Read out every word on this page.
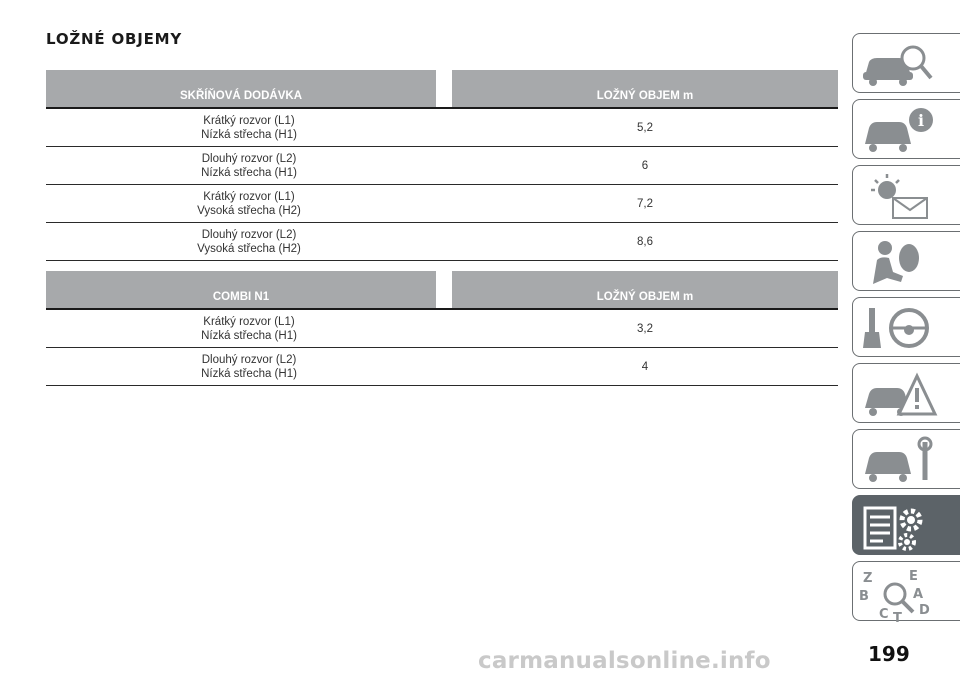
LOŽNÉ OBJEMY
SKŘÍŇOVÁ DODÁVKA		LOŽNÝ OBJEM m
Krátký rozvor (L1)
Nízká střecha (H1)		5,2
Dlouhý rozvor (L2)
Nízká střecha (H1)		6
Krátký rozvor (L1)
Vysoká střecha (H2)		7,2
Dlouhý rozvor (L2)
Vysoká střecha (H2)		8,6
COMBI N1		LOŽNÝ OBJEM m
Krátký rozvor (L1)
Nízká střecha (H1)		3,2
Dlouhý rozvor (L2)
Nízká střecha (H1)		4
i
Z	E
B	A
C D
T
199
carmanualsonline.info
